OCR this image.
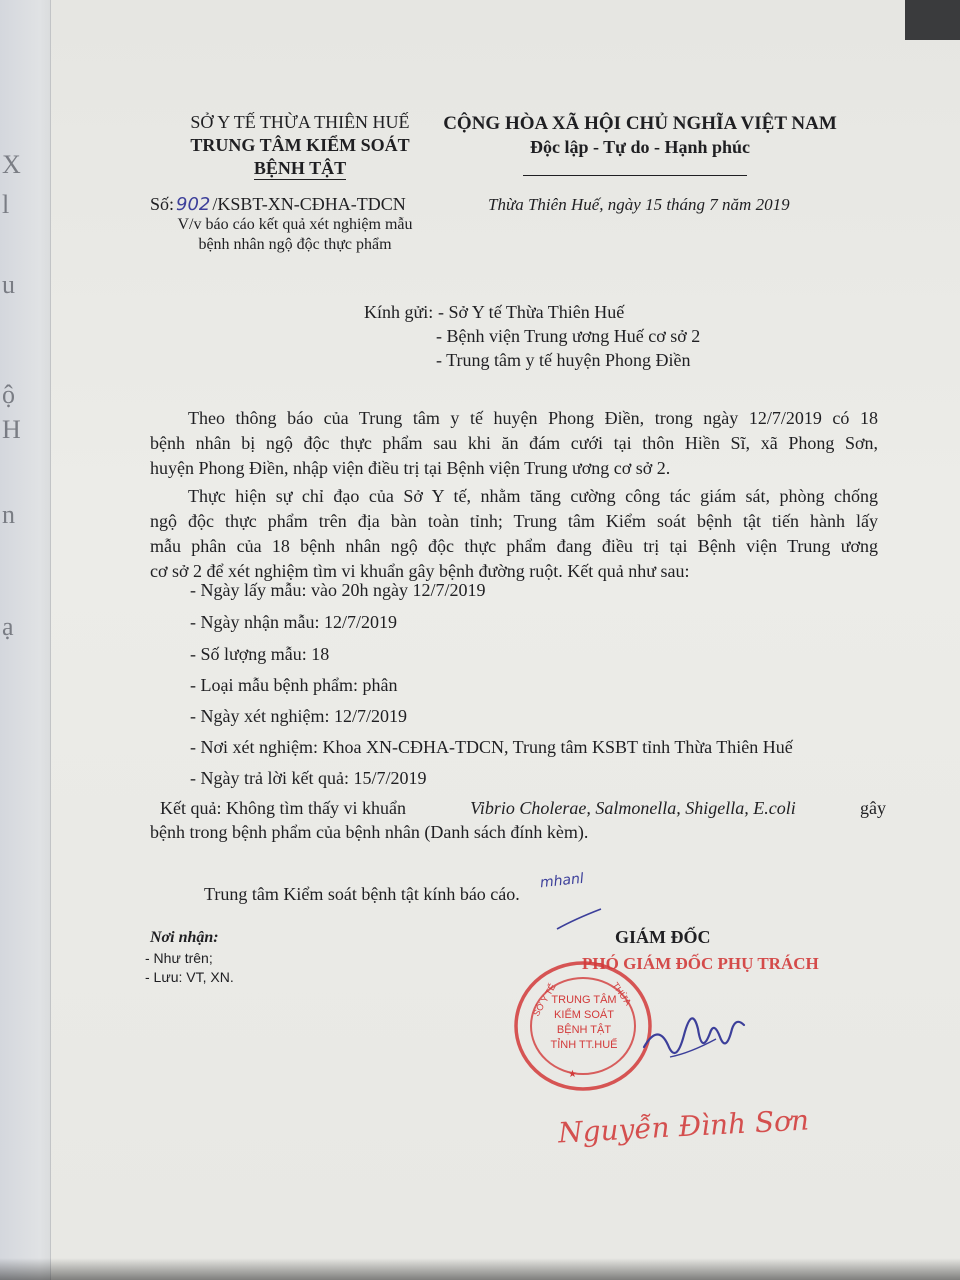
X
l
u
ộ
H
n
ạ
SỞ Y TẾ THỪA THIÊN HUẾ
TRUNG TÂM KIỂM SOÁT
BỆNH TẬT
Số: 902 /KSBT-XN-CĐHA-TDCN
V/v báo cáo kết quả xét nghiệm mẫu
bệnh nhân ngộ độc thực phẩm
CỘNG HÒA XÃ HỘI CHỦ NGHĨA VIỆT NAM
Độc lập - Tự do - Hạnh phúc
Thừa Thiên Huế, ngày 15 tháng 7 năm 2019
Kính gửi: - Sở Y tế Thừa Thiên Huế
- Bệnh viện Trung ương Huế cơ sở 2
- Trung tâm y tế huyện Phong Điền
Theo thông báo của Trung tâm y tế huyện Phong Điền, trong ngày 12/7/2019 có 18
bệnh nhân bị ngộ độc thực phẩm sau khi ăn đám cưới tại thôn Hiền Sĩ, xã Phong Sơn,
huyện Phong Điền, nhập viện điều trị tại Bệnh viện Trung ương cơ sở 2.
Thực hiện sự chỉ đạo của Sở Y tế, nhằm tăng cường công tác giám sát, phòng chống
ngộ độc thực phẩm trên địa bàn toàn tỉnh; Trung tâm Kiểm soát bệnh tật tiến hành lấy
mẫu phân của 18 bệnh nhân ngộ độc thực phẩm đang điều trị tại Bệnh viện Trung ương
cơ sở 2 để xét nghiệm tìm vi khuẩn gây bệnh đường ruột. Kết quả như sau:
- Ngày lấy mẫu: vào 20h ngày 12/7/2019
- Ngày nhận mẫu: 12/7/2019
- Số lượng mẫu: 18
- Loại mẫu bệnh phẩm: phân
- Ngày xét nghiệm: 12/7/2019
- Nơi xét nghiệm: Khoa XN-CĐHA-TDCN, Trung tâm KSBT tỉnh Thừa Thiên Huế
- Ngày trả lời kết quả: 15/7/2019
Kết quả: Không tìm thấy vi khuẩn	Vibrio Cholerae, Salmonella, Shigella, E.coli	gây
bệnh trong bệnh phẩm của bệnh nhân (Danh sách đính kèm).
Trung tâm Kiểm soát bệnh tật kính báo cáo.
mhanl
Nơi nhận:
- Như trên;
- Lưu: VT, XN.
GIÁM ĐỐC
PHÓ GIÁM ĐỐC PHỤ TRÁCH
SỞ Y TẾ	THỪA
★
TRUNG TÂM
KIỂM SOÁT
BỆNH TẬT
TỈNH TT.HUẾ
Nguyễn Đình Sơn
